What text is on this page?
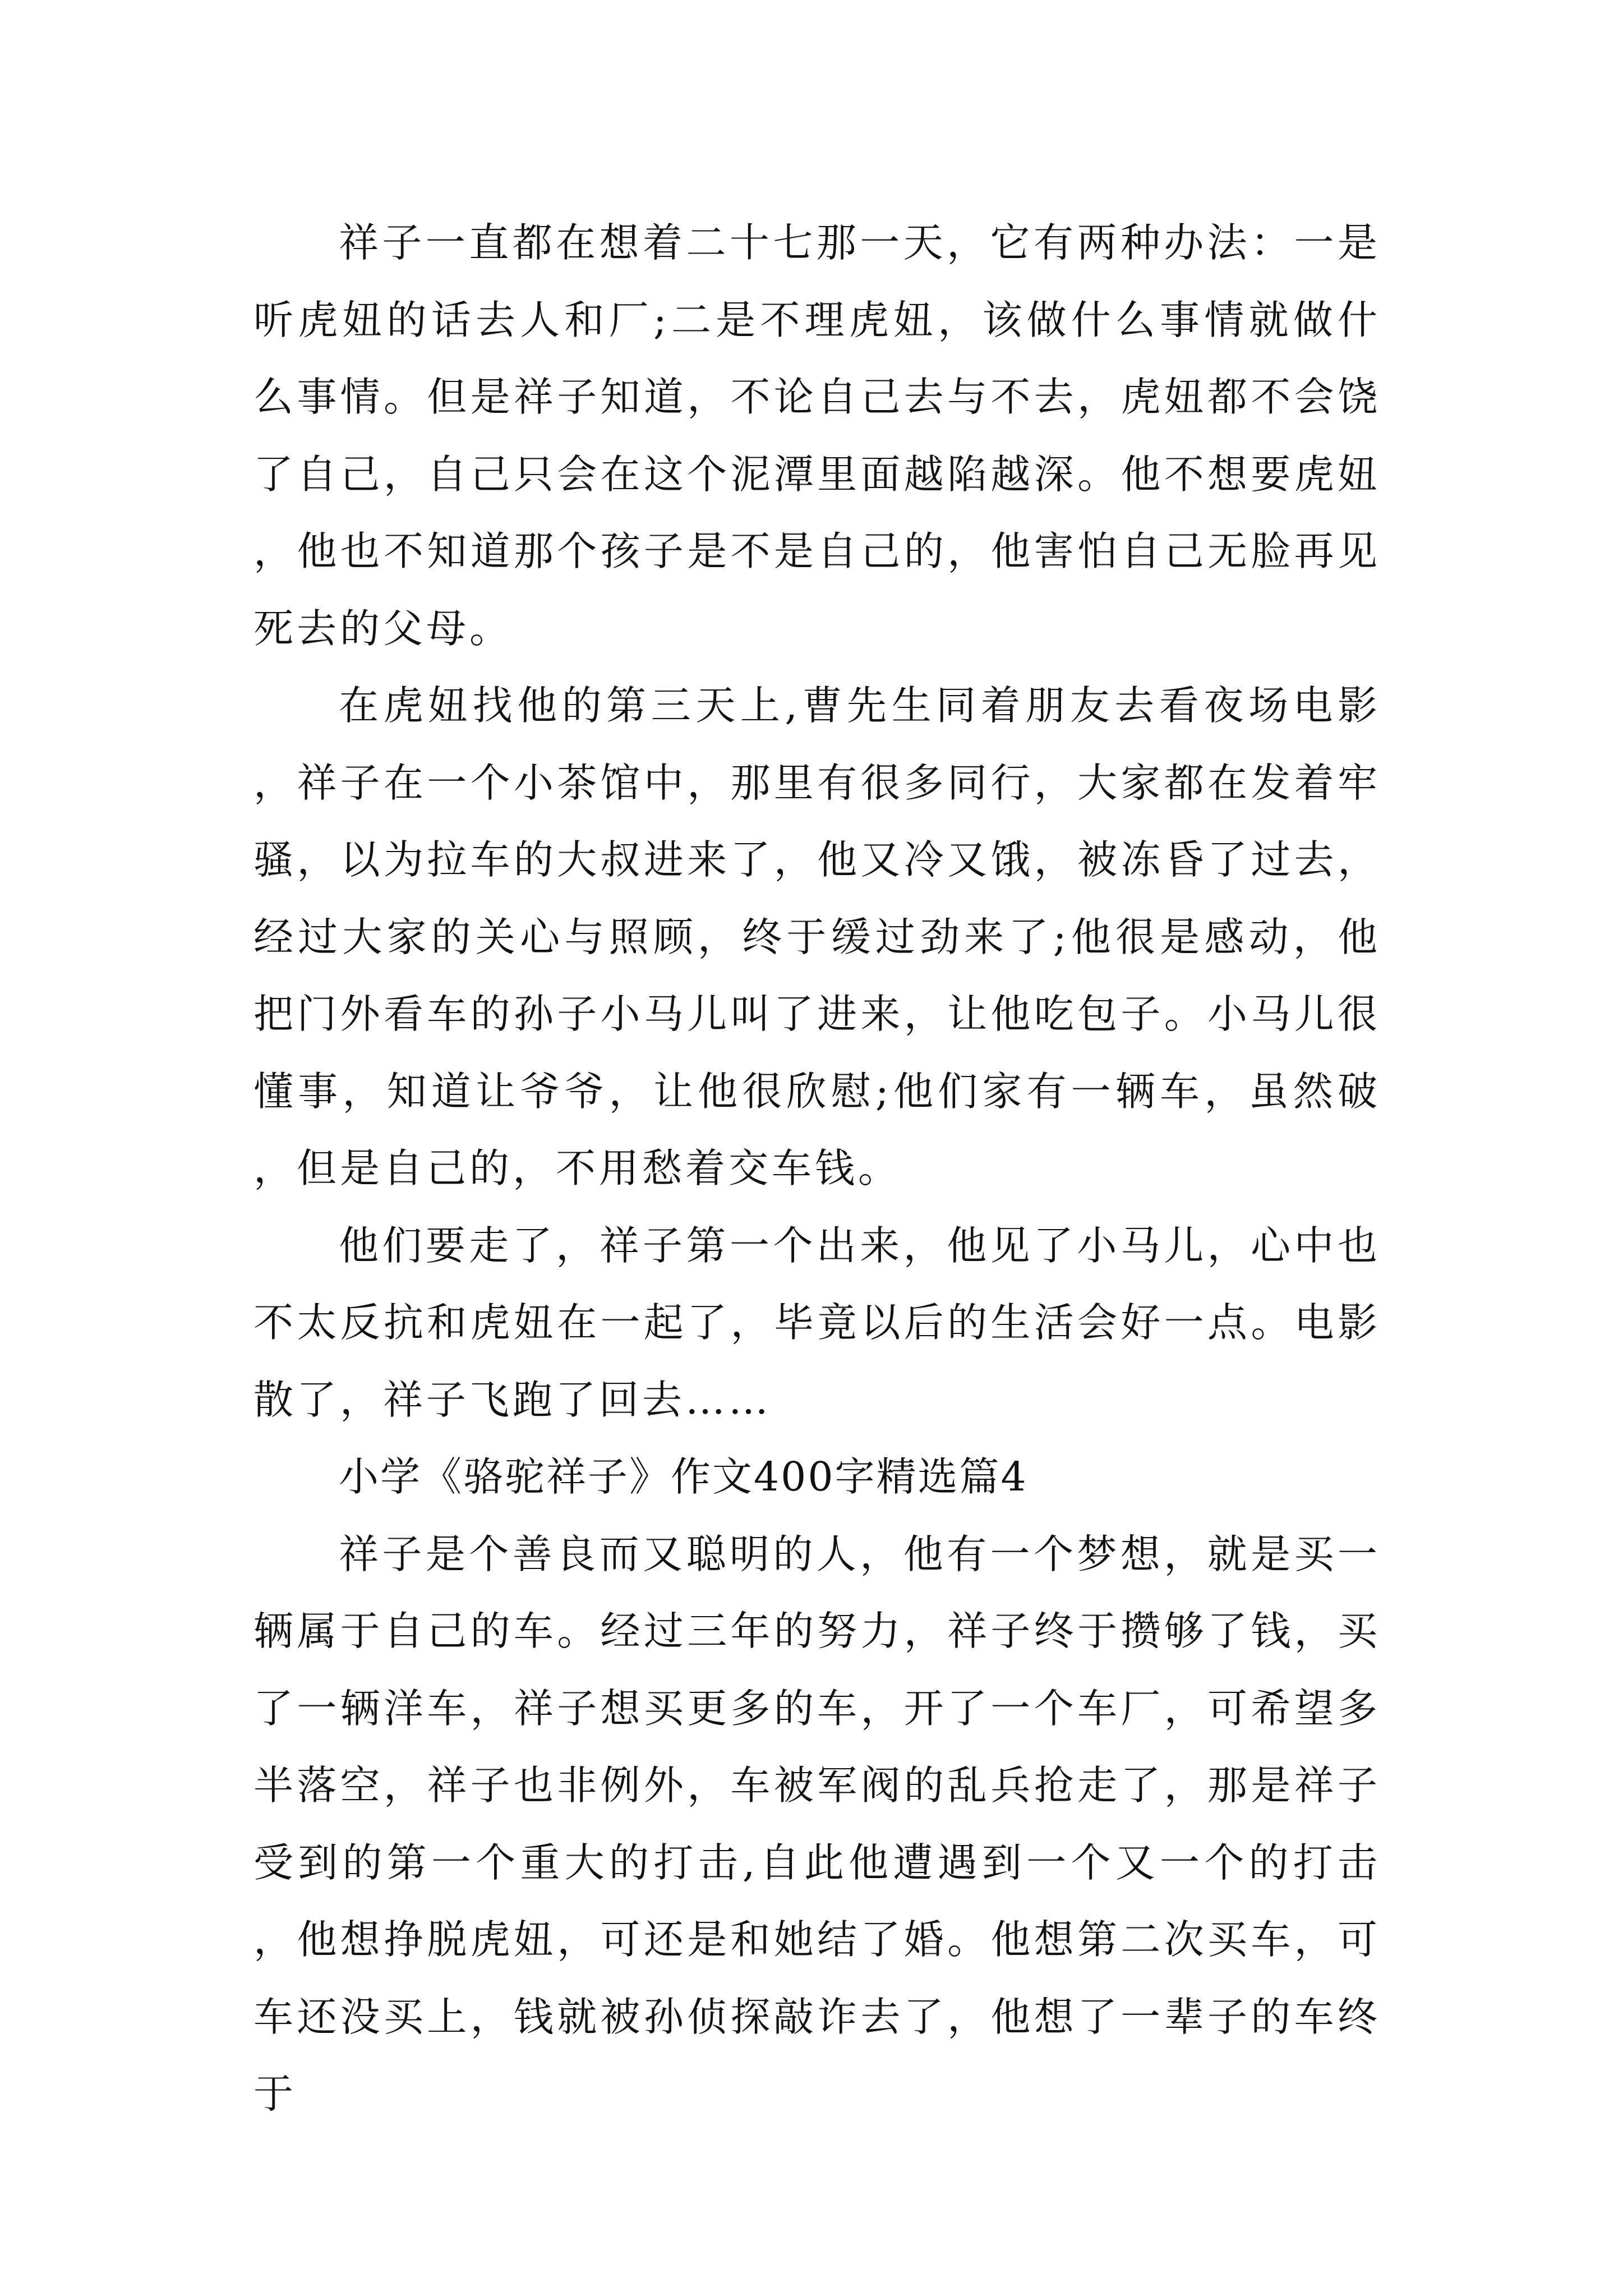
祥子一直都在想着二十七那一天，它有两种办法：一是听虎妞的话去人和厂;二是不理虎妞，该做什么事情就做什么事情。但是祥子知道，不论自己去与不去，虎妞都不会饶了自己，自己只会在这个泥潭里面越陷越深。他不想要虎妞，他也不知道那个孩子是不是自己的，他害怕自己无脸再见死去的父母。

在虎妞找他的第三天上,曹先生同着朋友去看夜场电影，祥子在一个小茶馆中，那里有很多同行，大家都在发着牢骚，以为拉车的大叔进来了，他又冷又饿，被冻昏了过去，经过大家的关心与照顾，终于缓过劲来了;他很是感动，他把门外看车的孙子小马儿叫了进来，让他吃包子。小马儿很懂事，知道让爷爷，让他很欣慰;他们家有一辆车，虽然破，但是自己的，不用愁着交车钱。

他们要走了，祥子第一个出来，他见了小马儿，心中也不太反抗和虎妞在一起了，毕竟以后的生活会好一点。电影散了，祥子飞跑了回去……

小学《骆驼祥子》作文400字精选篇4

祥子是个善良而又聪明的人，他有一个梦想，就是买一辆属于自己的车。经过三年的努力，祥子终于攒够了钱，买了一辆洋车，祥子想买更多的车，开了一个车厂，可希望多半落空，祥子也非例外，车被军阀的乱兵抢走了，那是祥子受到的第一个重大的打击,自此他遭遇到一个又一个的打击，他想挣脱虎妞，可还是和她结了婚。他想第二次买车，可车还没买上，钱就被孙侦探敲诈去了，他想了一辈子的车终于
